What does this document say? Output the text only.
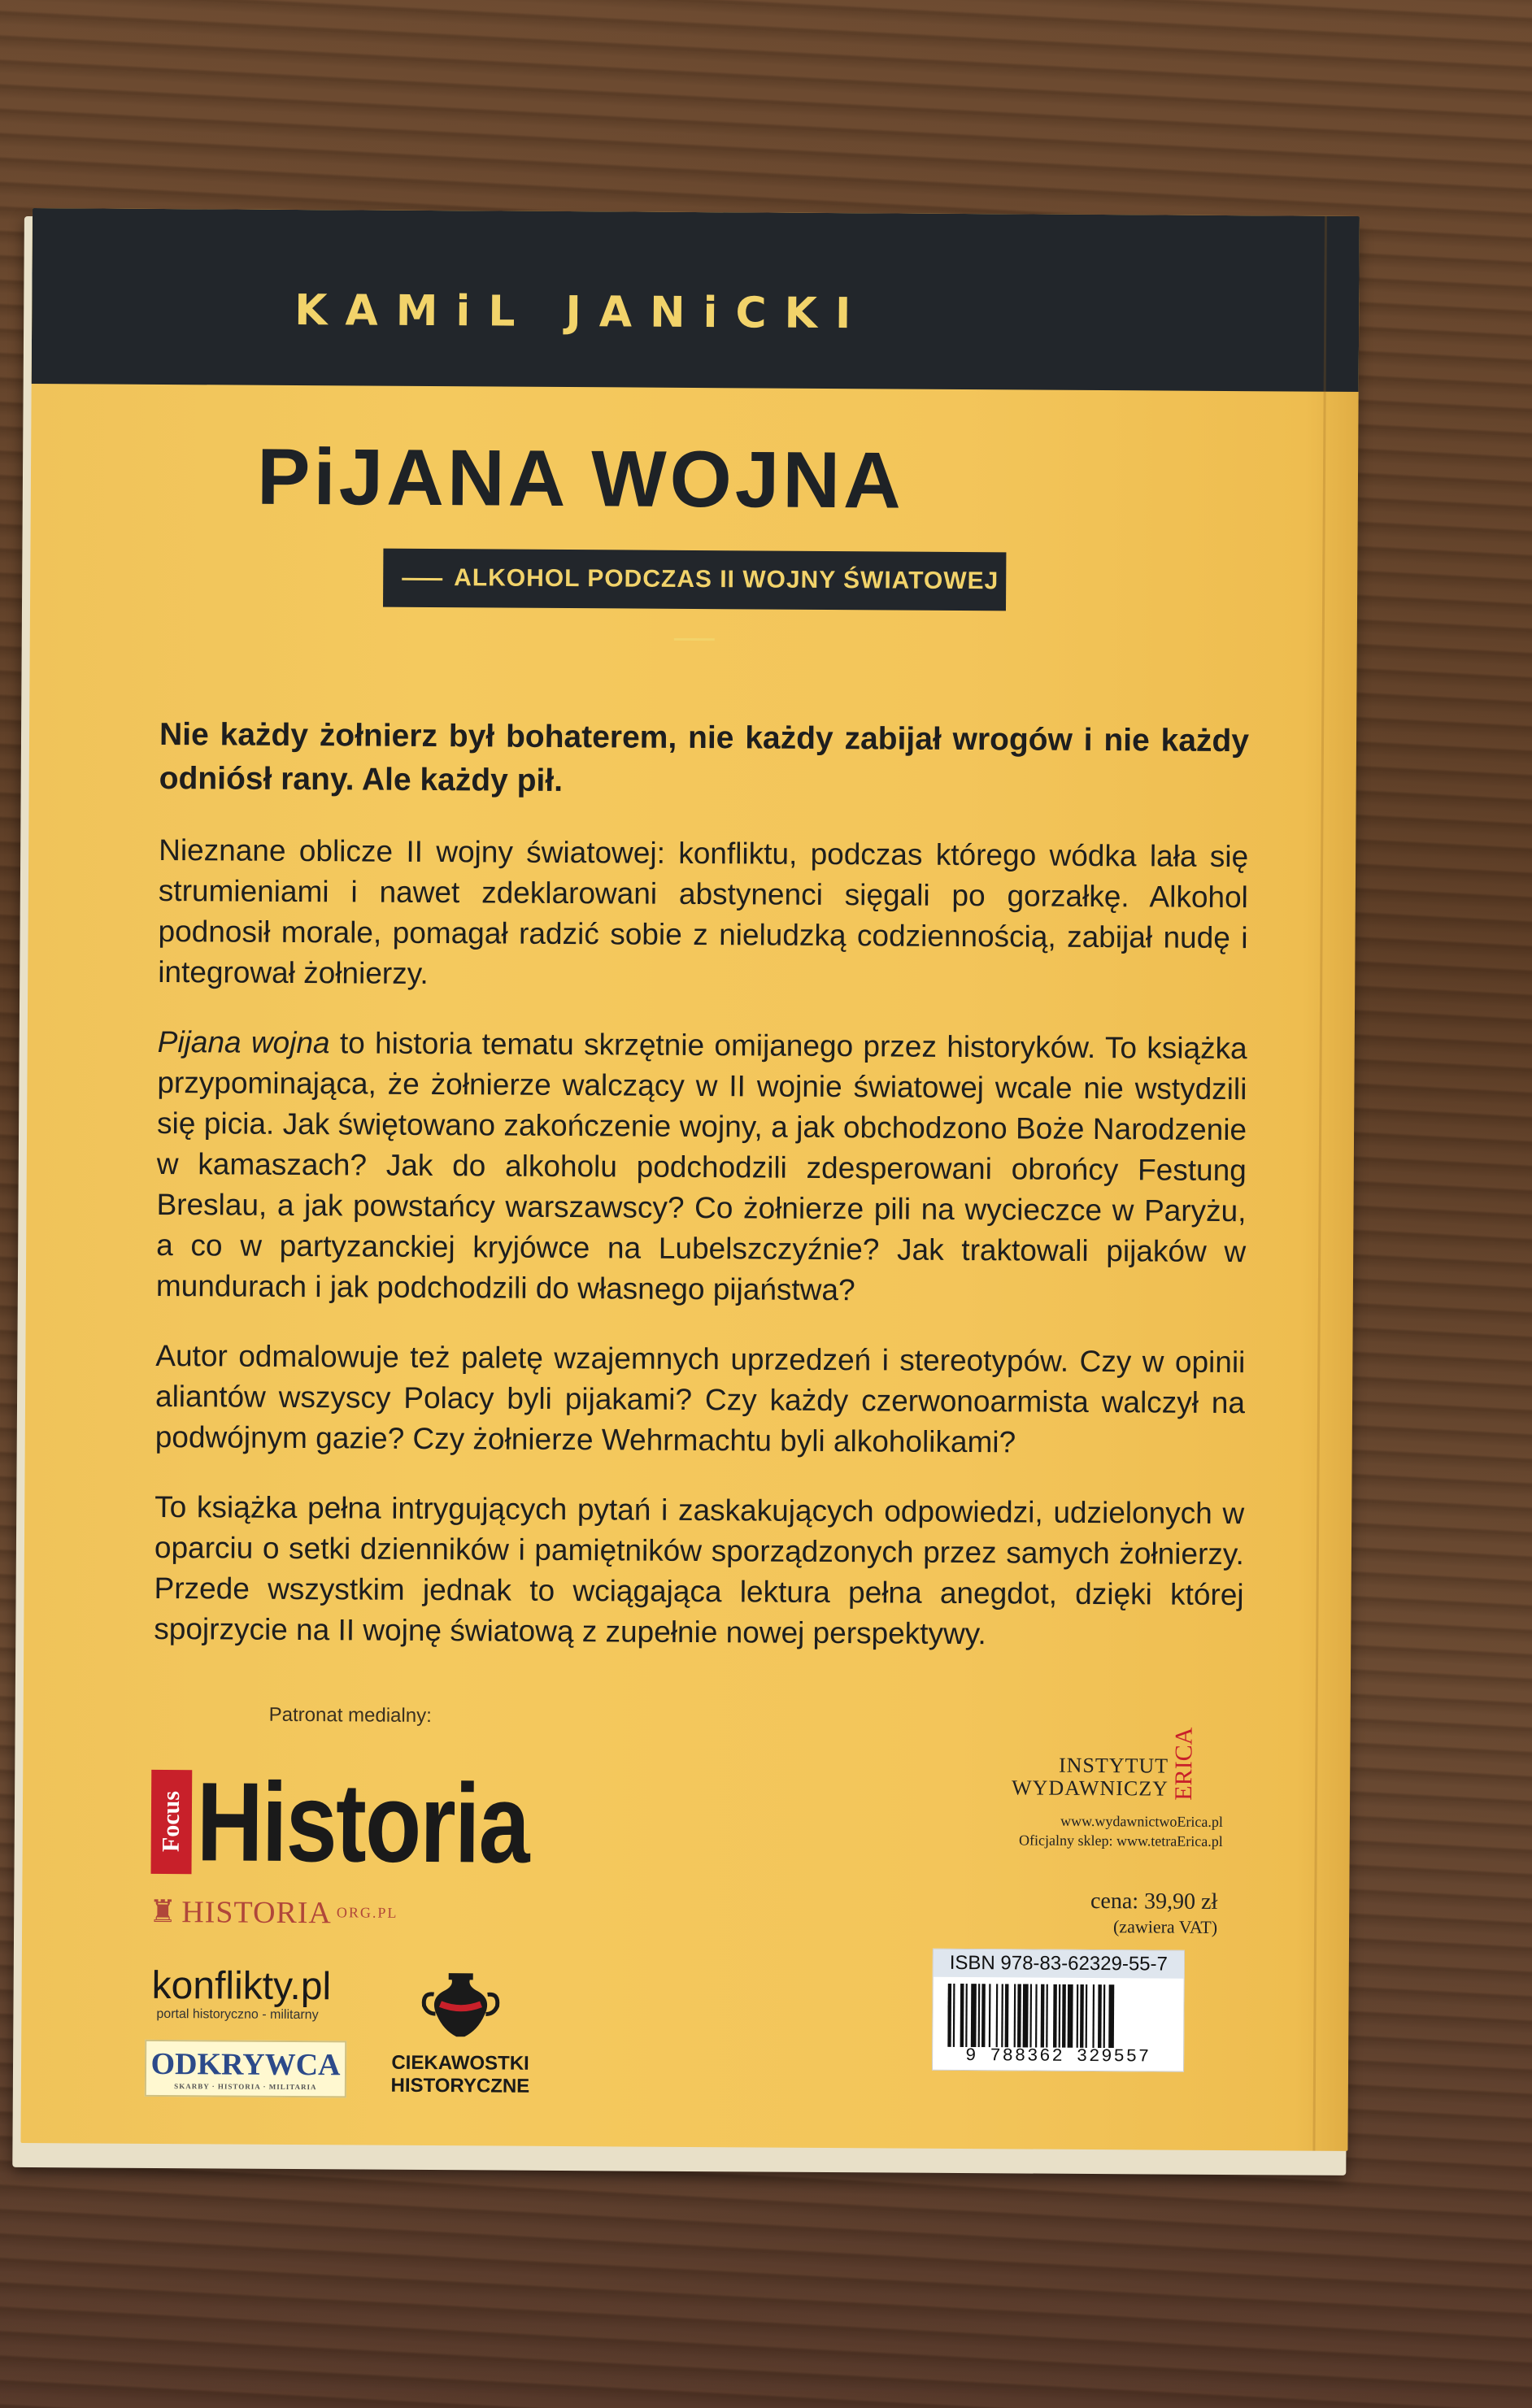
KAMiL JANiCKI
PiJANA WOJNA
ALKOHOL PODCZAS II WOJNY ŚWIATOWEJ

Nie każdy żołnierz był bohaterem, nie każdy zabijał wrogów i nie każdy odniósł rany. Ale każdy pił.

Nieznane oblicze II wojny światowej: konfliktu, podczas którego wódka lała się strumieniami i nawet zdeklarowani abstynenci sięgali po gorzałkę. Alkohol podnosił morale, pomagał radzić sobie z nieludzką codziennością, zabijał nudę i integrował żołnierzy.

Pijana wojna to historia tematu skrzętnie omijanego przez historyków. To książka przypominająca, że żołnierze walczący w II wojnie światowej wcale nie wstydzili się picia. Jak świętowano zakończenie wojny, a jak obchodzono Boże Narodzenie w kamaszach? Jak do alkoholu podchodzili zdesperowani obrońcy Festung Breslau, a jak powstańcy warszawscy? Co żołnierze pili na wycieczce w Paryżu, a co w partyzanckiej kryjówce na Lubelszczyźnie? Jak traktowali pijaków w mundurach i jak podchodzili do własnego pijaństwa?

Autor odmalowuje też paletę wzajemnych uprzedzeń i stereotypów. Czy w opinii aliantów wszyscy Polacy byli pijakami? Czy każdy czerwonoarmista walczył na podwójnym gazie? Czy żołnierze Wehrmachtu byli alkoholikami?

To książka pełna intrygujących pytań i zaskakujących odpowiedzi, udzielonych w oparciu o setki dzienników i pamiętników sporządzonych przez samych żołnierzy. Przede wszystkim jednak to wciągająca lektura pełna anegdot, dzięki której spojrzycie na II wojnę światową z zupełnie nowej perspektywy.

Patronat medialny:
Focus Historia
♜ HISTORIA ORG.PL
konflikty.pl
portal historyczno - militarny
ODKRYWCA
SKARBY · HISTORIA · MILITARIA
CIEKAWOSTKI
HISTORYCZNE
INSTYTUT
WYDAWNICZY ERICA
www.wydawnictwoErica.pl
Oficjalny sklep: www.tetraErica.pl
cena: 39,90 zł
(zawiera VAT)
ISBN 978-83-62329-55-7
9 788362 329557
